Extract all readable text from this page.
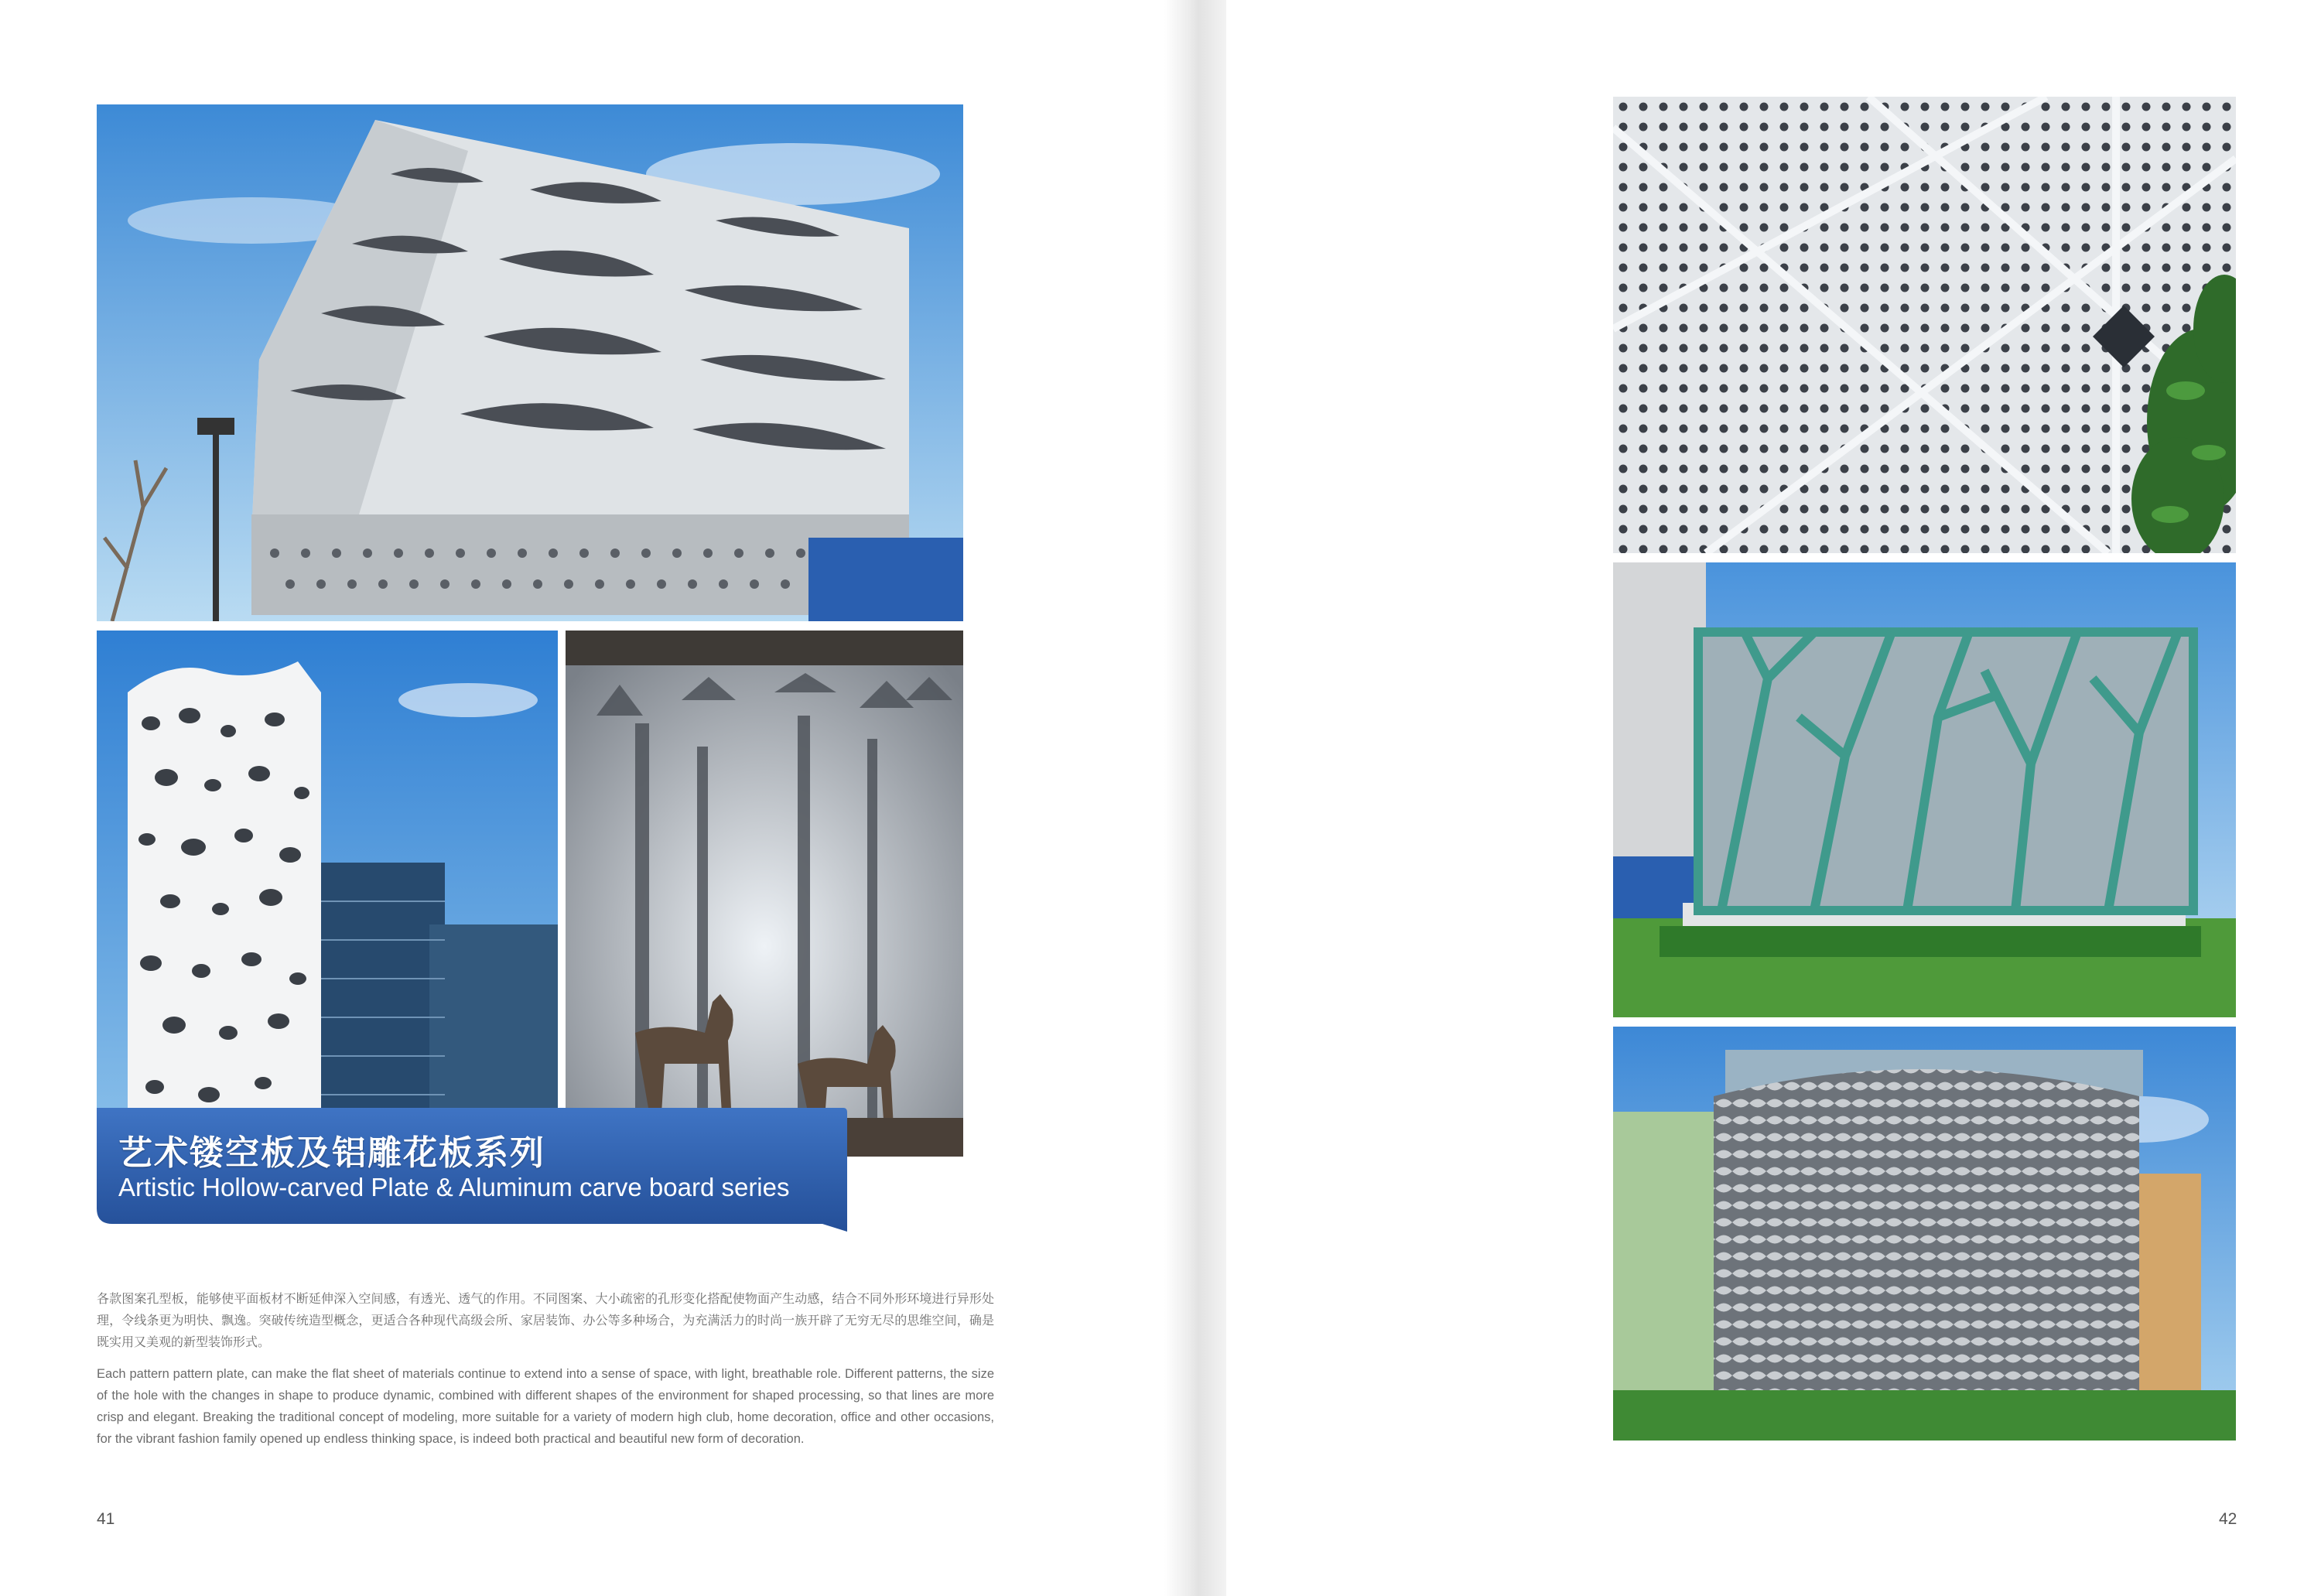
艺术镂空板及铝雕花板系列

Artistic Hollow-carved Plate & Aluminum carve board series

各款图案孔型板，能够使平面板材不断延伸深入空间感，有透光、透气的作用。不同图案、大小疏密的孔形变化搭配使物面产生动感，结合不同外形环境进行异形处理，令线条更为明快、飘逸。突破传统造型概念，更适合各种现代高级会所、家居装饰、办公等多种场合，为充满活力的时尚一族开辟了无穷无尽的思维空间，确是既实用又美观的新型装饰形式。

Each pattern pattern plate, can make the flat sheet of materials continue to extend into a sense of space, with light, breathable role. Different patterns, the size of the hole with the changes in shape to produce dynamic, combined with different shapes of the environment for shaped processing, so that lines are more crisp and elegant. Breaking the traditional concept of modeling, more suitable for a variety of modern high club, home decoration, office and other occasions, for the vibrant fashion family opened up endless thinking space, is indeed both practical and beautiful new form of decoration.

41	42
